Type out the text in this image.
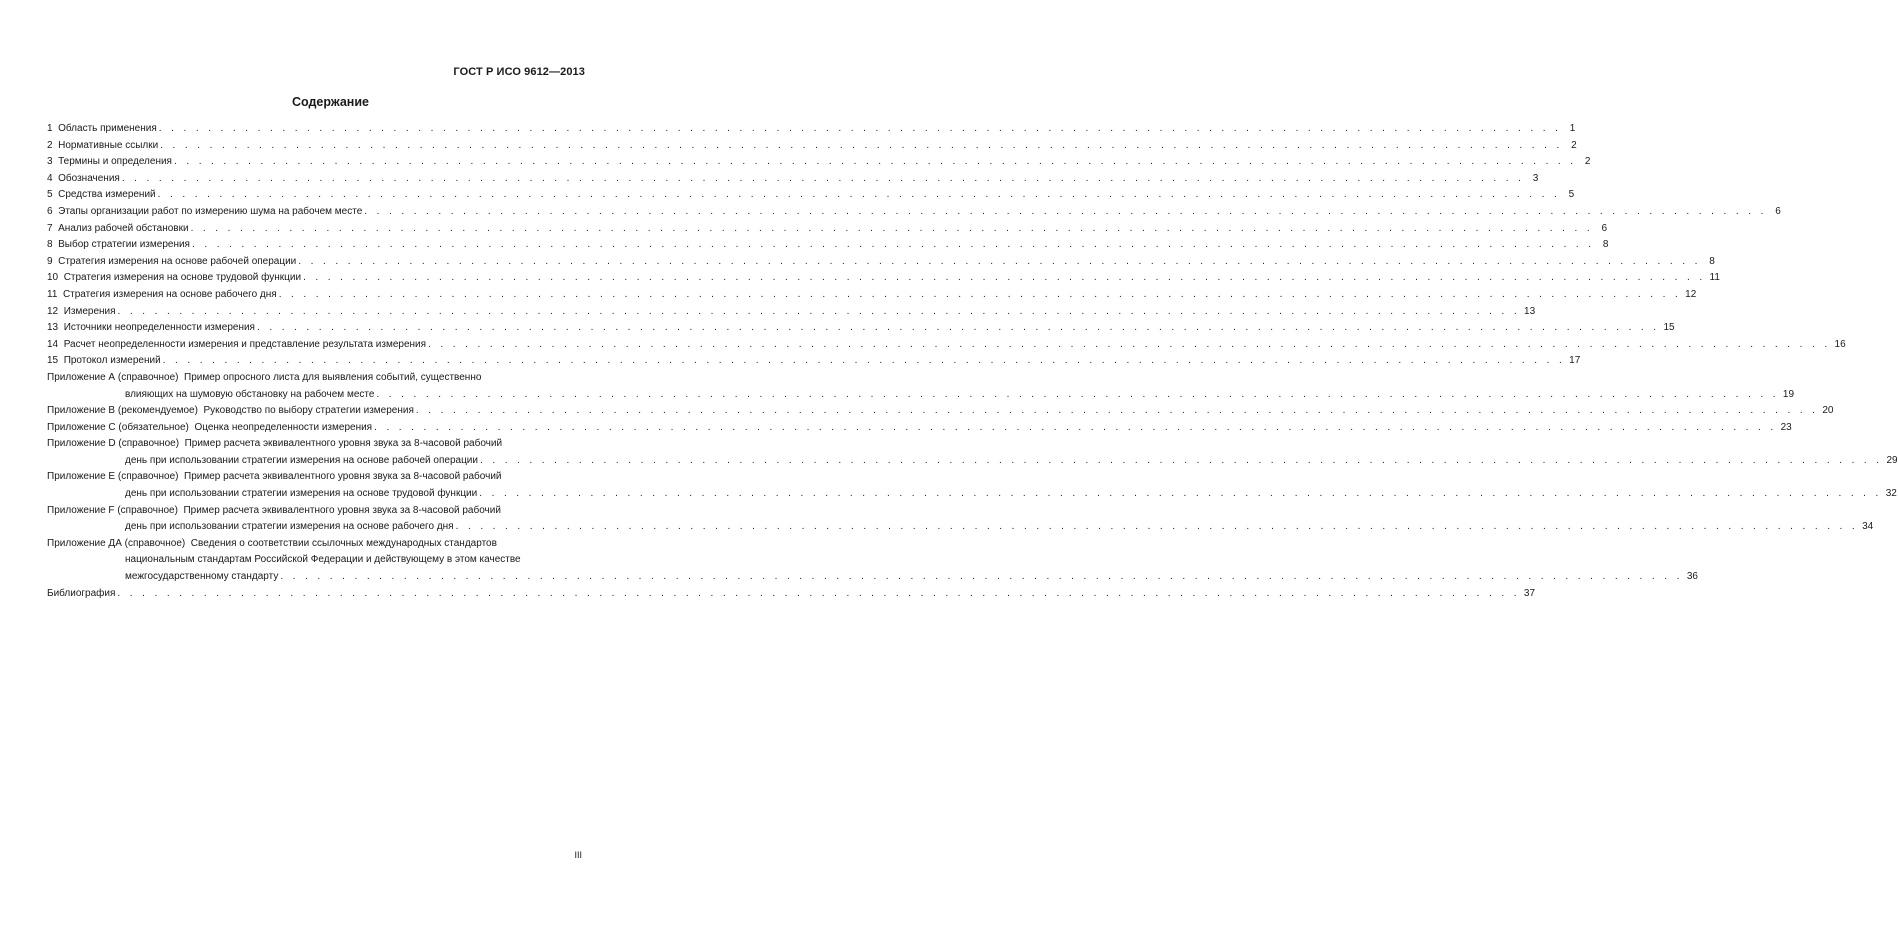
ГОСТ Р ИСО 9612—2013
Содержание
1 Область применения . . . . . . . . . . . . . . . . . . . . . . . . . . . . . . . . . . . . . . . . . . . . . . . . . . . . . . . . . . . . . . . . . . . . . . . . . . . . . . . . . . . . . . . . . . . . . . . . . . . . . . . . . . . . . . . . . . 1
2 Нормативные ссылки . . . . . . . . . . . . . . . . . . . . . . . . . . . . . . . . . . . . . . . . . . . . . . . . . . . . . . . . . . . . . . . . . . . . . . . . . . . . . . . . . . . . . . . . . . . . . . . . . . . . . . . . . . . . . . . . . . 2
3 Термины и определения . . . . . . . . . . . . . . . . . . . . . . . . . . . . . . . . . . . . . . . . . . . . . . . . . . . . . . . . . . . . . . . . . . . . . . . . . . . . . . . . . . . . . . . . . . . . . . . . . . . . . . . . . . . . . . . . . . 2
4 Обозначения . . . . . . . . . . . . . . . . . . . . . . . . . . . . . . . . . . . . . . . . . . . . . . . . . . . . . . . . . . . . . . . . . . . . . . . . . . . . . . . . . . . . . . . . . . . . . . . . . . . . . . . . . . . . . . . . . . 3
5 Средства измерений . . . . . . . . . . . . . . . . . . . . . . . . . . . . . . . . . . . . . . . . . . . . . . . . . . . . . . . . . . . . . . . . . . . . . . . . . . . . . . . . . . . . . . . . . . . . . . . . . . . . . . . . . . . . . . . . . . 5
6 Этапы организации работ по измерению шума на рабочем месте . . . . . . . . . . . . . . . . . . . . . . . . . . . . . . . . . . . . . . . . . . . . . . . . . . . . . . . . . . . . . . . . . . . . . . . . . . . . . . . . . . . . . . . . . . . . . . . . . . . . . . . . . . . . . . . . . . 6
7 Анализ рабочей обстановки . . . . . . . . . . . . . . . . . . . . . . . . . . . . . . . . . . . . . . . . . . . . . . . . . . . . . . . . . . . . . . . . . . . . . . . . . . . . . . . . . . . . . . . . . . . . . . . . . . . . . . . . . . . . . . . . . . 6
8 Выбор стратегии измерения . . . . . . . . . . . . . . . . . . . . . . . . . . . . . . . . . . . . . . . . . . . . . . . . . . . . . . . . . . . . . . . . . . . . . . . . . . . . . . . . . . . . . . . . . . . . . . . . . . . . . . . . . . . . . . . . . . 8
9 Стратегия измерения на основе рабочей операции . . . . . . . . . . . . . . . . . . . . . . . . . . . . . . . . . . . . . . . . . . . . . . . . . . . . . . . . . . . . . . . . . . . . . . . . . . . . . . . . . . . . . . . . . . . . . . . . . . . . . . . . . . . . . . . . . . 8
10 Стратегия измерения на основе трудовой функции . . . . . . . . . . . . . . . . . . . . . . . . . . . . . . . . . . . . . . . . . . . . . . . . . . . . . . . . . . . . . . . . . . . . . . . . . . . . . . . . . . . . . . . . . . . . . . . . . . . . . . . . . . . . . . . . . . 11
11 Стратегия измерения на основе рабочего дня . . . . . . . . . . . . . . . . . . . . . . . . . . . . . . . . . . . . . . . . . . . . . . . . . . . . . . . . . . . . . . . . . . . . . . . . . . . . . . . . . . . . . . . . . . . . . . . . . . . . . . . . . . . . . . . . . . 12
12 Измерения . . . . . . . . . . . . . . . . . . . . . . . . . . . . . . . . . . . . . . . . . . . . . . . . . . . . . . . . . . . . . . . . . . . . . . . . . . . . . . . . . . . . . . . . . . . . . . . . . . . . . . . . . . . . . . . . . . 13
13 Источники неопределенности измерения . . . . . . . . . . . . . . . . . . . . . . . . . . . . . . . . . . . . . . . . . . . . . . . . . . . . . . . . . . . . . . . . . . . . . . . . . . . . . . . . . . . . . . . . . . . . . . . . . . . . . . . . . . . . . . . . . . 15
14 Расчет неопределенности измерения и представление результата измерения . . . . . . . . . . . . . . . . . . . . . . . . . . . . . . . . . . . . . . . . . . . . . . . . . . . . . . . . . . . . . . . . . . . . . . . . . . . . . . . . . . . . . . . . . . . . . . . . . . . . . . . . . . . . . . . . . . 16
15 Протокол измерений . . . . . . . . . . . . . . . . . . . . . . . . . . . . . . . . . . . . . . . . . . . . . . . . . . . . . . . . . . . . . . . . . . . . . . . . . . . . . . . . . . . . . . . . . . . . . . . . . . . . . . . . . . . . . . . . . . 17
Приложение А (справочное)  Пример опросного листа для выявления событий, существенно
влияющих на шумовую обстановку на рабочем месте . . . . . . . . . . . . . . . . . . . . . . . . . . . . . . . . . . . . . . . . . . . . . . . . . . . . . . . . . . . . . . . . . . . . . . . . . . . . . . . . . . . . . . . . . . . . . . . . . . . . . . . . . . . . . . . . . . 19
Приложение В (рекомендуемое)  Руководство по выбору стратегии измерения . . . . . . . . . . . . . . . . . . . . . . . . . . . . . . . . . . . . . . . . . . . . . . . . . . . . . . . . . . . . . . . . . . . . . . . . . . . . . . . . . . . . . . . . . . . . . . . . . . . . . . . . . . . . . . . . . . 20
Приложение С (обязательное)  Оценка неопределенности измерения . . . . . . . . . . . . . . . . . . . . . . . . . . . . . . . . . . . . . . . . . . . . . . . . . . . . . . . . . . . . . . . . . . . . . . . . . . . . . . . . . . . . . . . . . . . . . . . . . . . . . . . . . . . . . . . . . . 23
Приложение D (справочное)  Пример расчета эквивалентного уровня звука за 8-часовой рабочий
день при использовании стратегии измерения на основе рабочей операции . . . . . . . . . . . . . . . . . . . . . . . . . . . . . . . . . . . . . . . . . . . . . . . . . . . . . . . . . . . . . . . . . . . . . . . . . . . . . . . . . . . . . . . . . . . . . . . . . . . . . . . . . . . . . . . . . . 29
Приложение Е (справочное)  Пример расчета эквивалентного уровня звука за 8-часовой рабочий
день при использовании стратегии измерения на основе трудовой функции . . . . . . . . . . . . . . . . . . . . . . . . . . . . . . . . . . . . . . . . . . . . . . . . . . . . . . . . . . . . . . . . . . . . . . . . . . . . . . . . . . . . . . . . . . . . . . . . . . . . . . . . . . . . . . . . . . 32
Приложение F (справочное)  Пример расчета эквивалентного уровня звука за 8-часовой рабочий
день при использовании стратегии измерения на основе рабочего дня . . . . . . . . . . . . . . . . . . . . . . . . . . . . . . . . . . . . . . . . . . . . . . . . . . . . . . . . . . . . . . . . . . . . . . . . . . . . . . . . . . . . . . . . . . . . . . . . . . . . . . . . . . . . . . . . . . 34
Приложение ДА (справочное)  Сведения о соответствии ссылочных международных стандартов
национальным стандартам Российской Федерации и действующему в этом качестве
межгосударственному стандарту . . . . . . . . . . . . . . . . . . . . . . . . . . . . . . . . . . . . . . . . . . . . . . . . . . . . . . . . . . . . . . . . . . . . . . . . . . . . . . . . . . . . . . . . . . . . . . . . . . . . . . . . . . . . . . . . . . 36
Библиография . . . . . . . . . . . . . . . . . . . . . . . . . . . . . . . . . . . . . . . . . . . . . . . . . . . . . . . . . . . . . . . . . . . . . . . . . . . . . . . . . . . . . . . . . . . . . . . . . . . . . . . . . . . . . . . . . . 37
III
